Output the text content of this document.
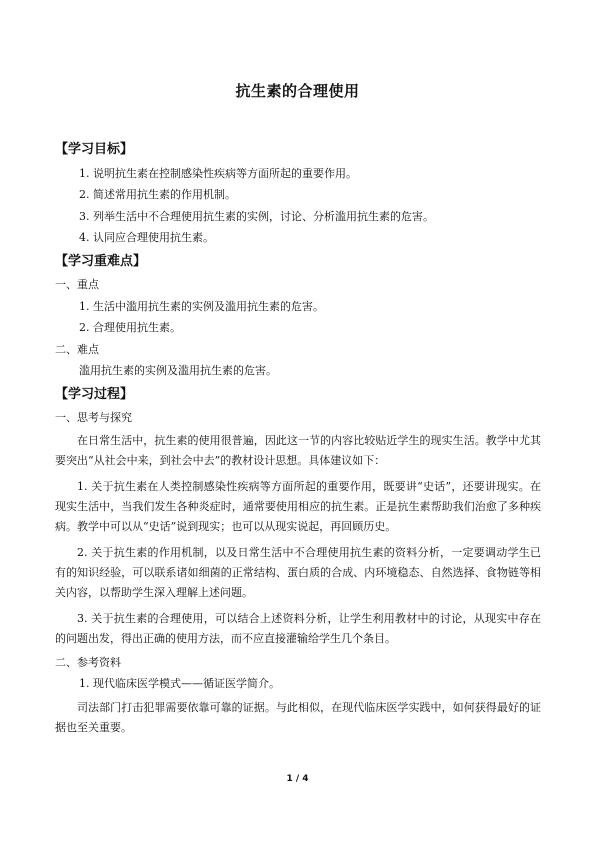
抗生素的合理使用
【学习目标】
1. 说明抗生素在控制感染性疾病等方面所起的重要作用。
2. 简述常用抗生素的作用机制。
3. 列举生活中不合理使用抗生素的实例，讨论、分析滥用抗生素的危害。
4. 认同应合理使用抗生素。
【学习重难点】
一、重点
1. 生活中滥用抗生素的实例及滥用抗生素的危害。
2. 合理使用抗生素。
二、难点
滥用抗生素的实例及滥用抗生素的危害。
【学习过程】
一、思考与探究
在日常生活中，抗生素的使用很普遍，因此这一节的内容比较贴近学生的现实生活。教学中尤其要突出“从社会中来，到社会中去”的教材设计思想。具体建议如下：
1. 关于抗生素在人类控制感染性疾病等方面所起的重要作用，既要讲“史话”，还要讲现实。在现实生活中，当我们发生各种炎症时，通常要使用相应的抗生素。正是抗生素帮助我们治愈了多种疾病。教学中可以从“史话”说到现实；也可以从现实说起，再回顾历史。
2. 关于抗生素的作用机制，以及日常生活中不合理使用抗生素的资料分析，一定要调动学生已有的知识经验，可以联系诸如细菌的正常结构、蛋白质的合成、内环境稳态、自然选择、食物链等相关内容，以帮助学生深入理解上述问题。
3. 关于抗生素的合理使用，可以结合上述资料分析，让学生利用教材中的讨论，从现实中存在的问题出发，得出正确的使用方法，而不应直接灌输给学生几个条目。
二、参考资料
1. 现代临床医学模式——循证医学简介。
司法部门打击犯罪需要依靠可靠的证据。与此相似，在现代临床医学实践中，如何获得最好的证据也至关重要。
1 / 4
